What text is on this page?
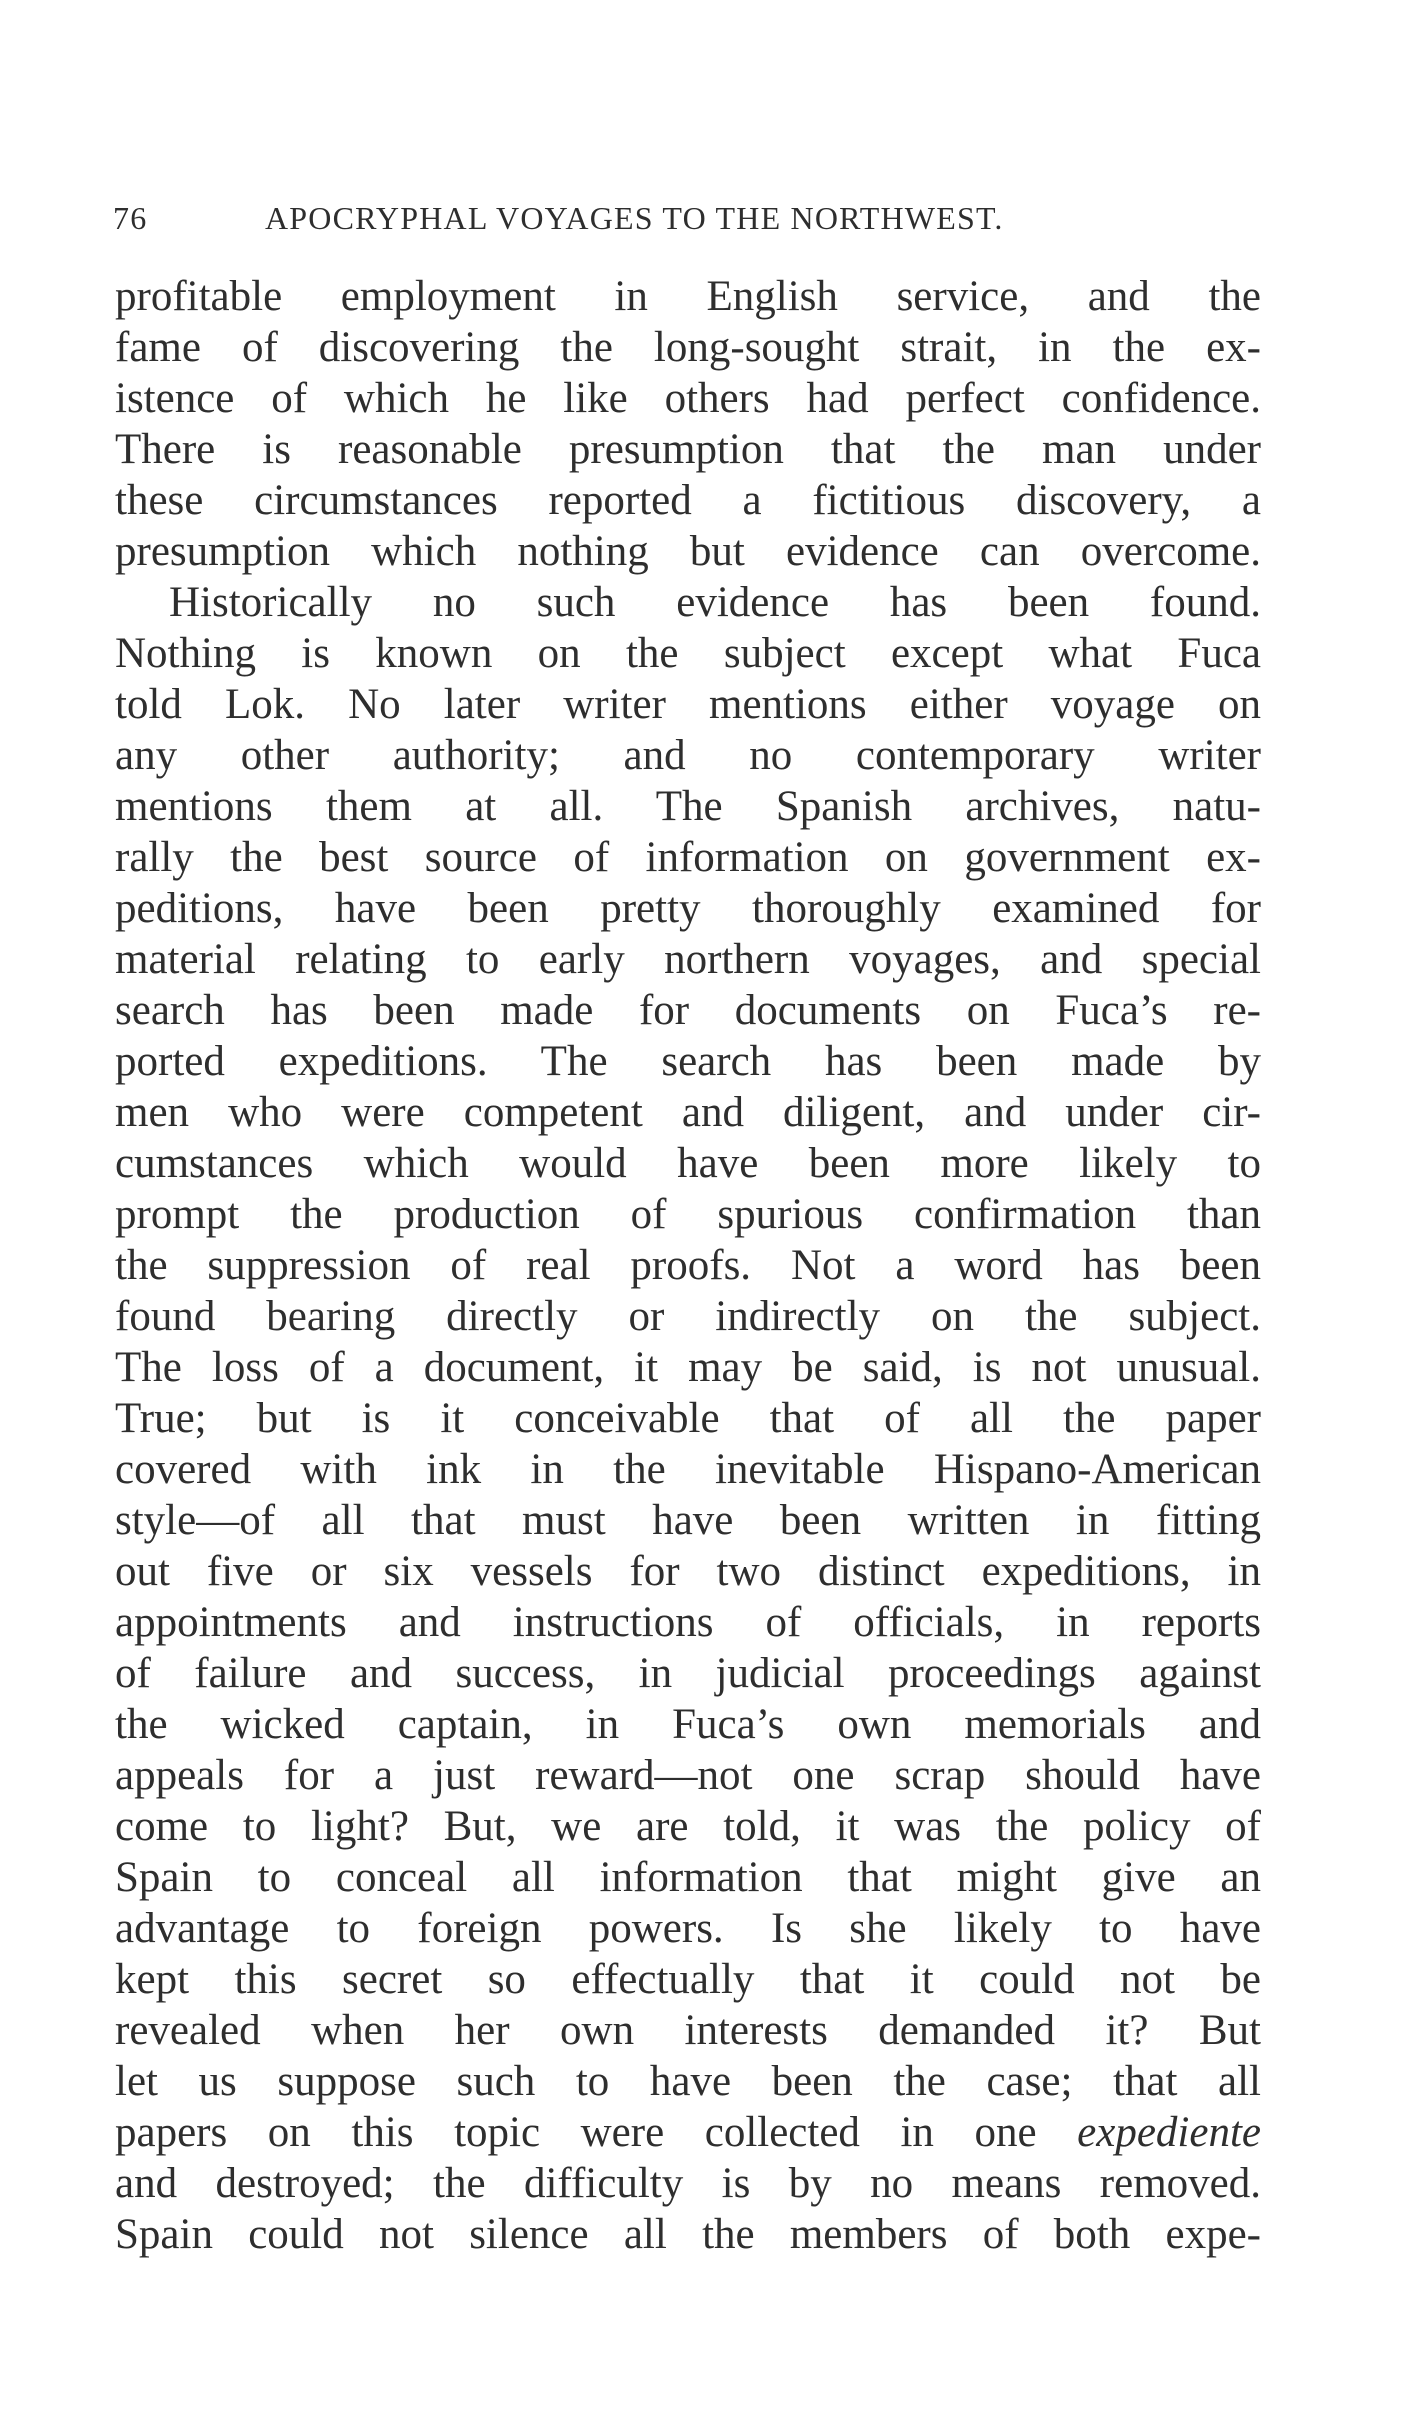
76	APOCRYPHAL VOYAGES TO THE NORTHWEST.
profitable employment in English service, and the
fame of discovering the long-sought strait, in the ex-
istence of which he like others had perfect confidence.
There is reasonable presumption that the man under
these circumstances reported a fictitious discovery, a
presumption which nothing but evidence can overcome.
Historically no such evidence has been found.
Nothing is known on the subject except what Fuca
told Lok. No later writer mentions either voyage on
any other authority; and no contemporary writer
mentions them at all. The Spanish archives, natu-
rally the best source of information on government ex-
peditions, have been pretty thoroughly examined for
material relating to early northern voyages, and special
search has been made for documents on Fuca’s re-
ported expeditions. The search has been made by
men who were competent and diligent, and under cir-
cumstances which would have been more likely to
prompt the production of spurious confirmation than
the suppression of real proofs. Not a word has been
found bearing directly or indirectly on the subject.
The loss of a document, it may be said, is not unusual.
True; but is it conceivable that of all the paper
covered with ink in the inevitable Hispano-American
style—of all that must have been written in fitting
out five or six vessels for two distinct expeditions, in
appointments and instructions of officials, in reports
of failure and success, in judicial proceedings against
the wicked captain, in Fuca’s own memorials and
appeals for a just reward—not one scrap should have
come to light? But, we are told, it was the policy of
Spain to conceal all information that might give an
advantage to foreign powers. Is she likely to have
kept this secret so effectually that it could not be
revealed when her own interests demanded it? But
let us suppose such to have been the case; that all
papers on this topic were collected in one expediente
and destroyed; the difficulty is by no means removed.
Spain could not silence all the members of both expe-
